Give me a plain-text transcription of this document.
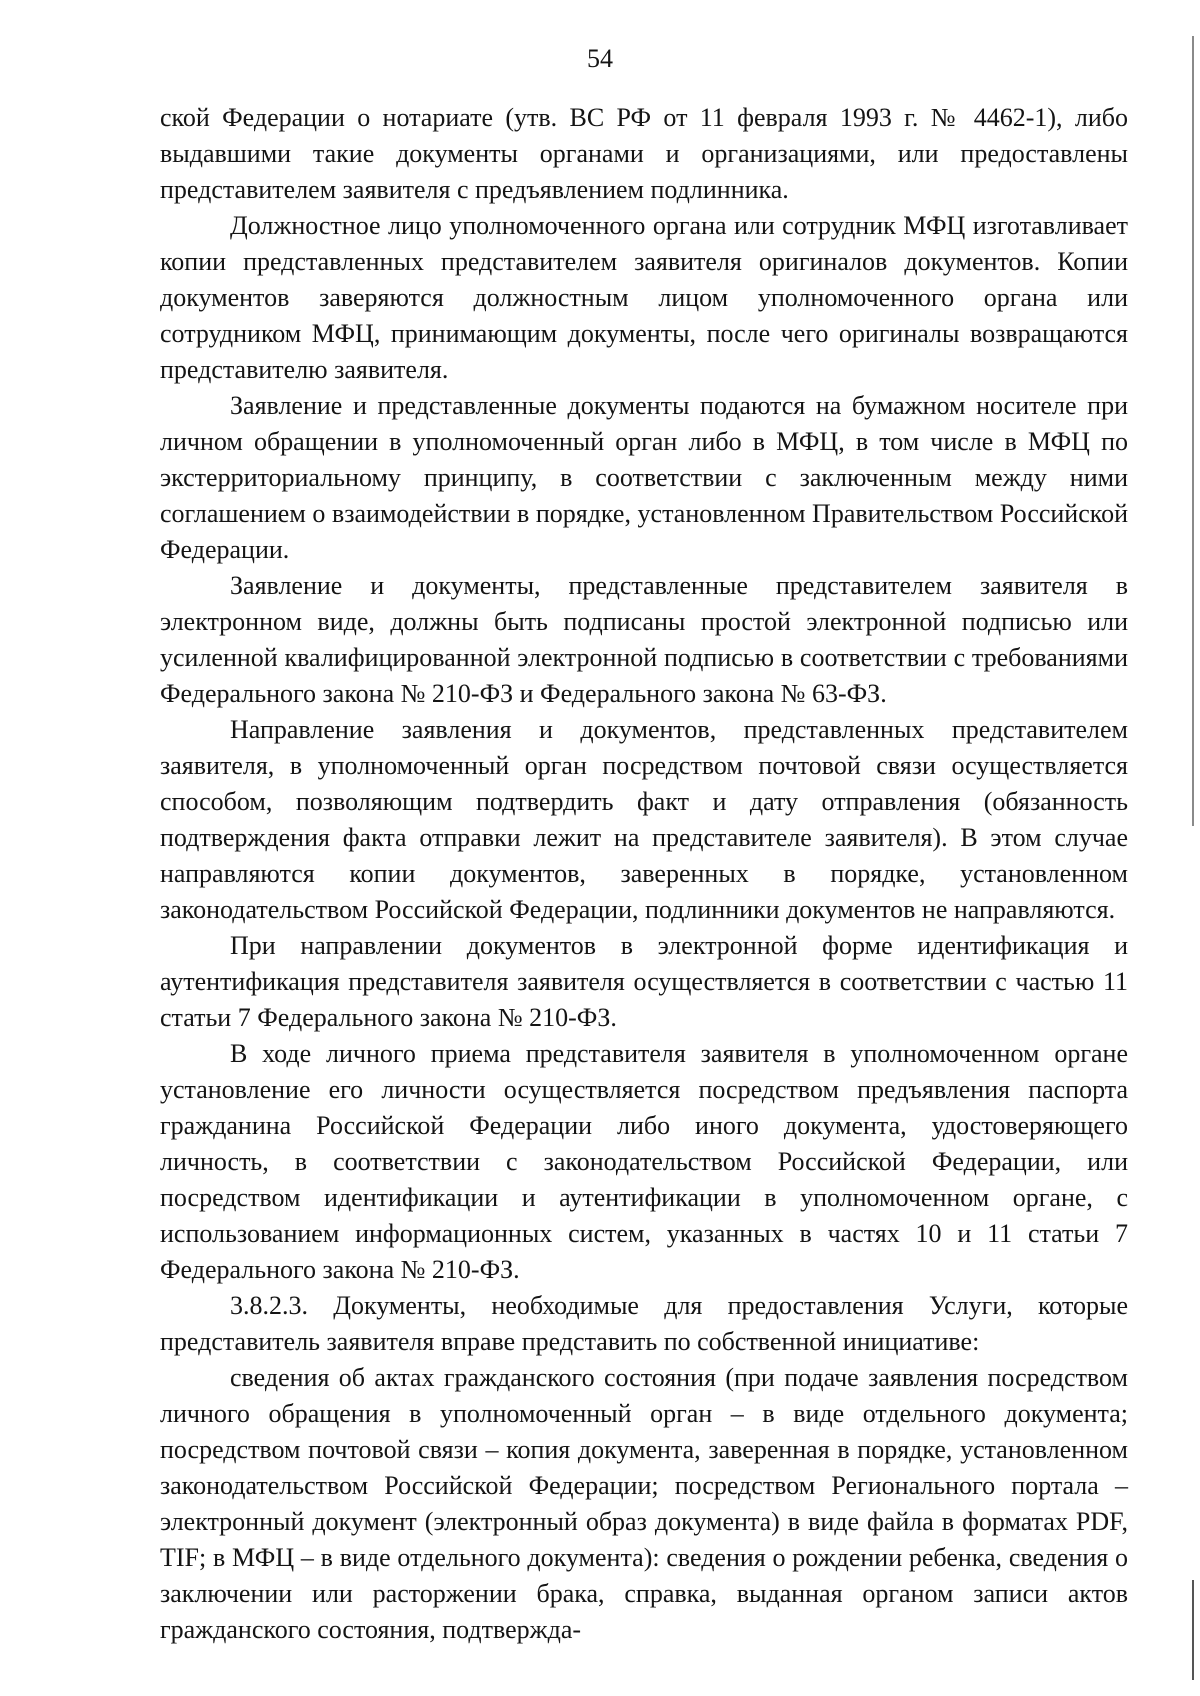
54

ской Федерации о нотариате (утв. ВС РФ от 11 февраля 1993 г. № 4462-1), либо выдавшими такие документы органами и организациями, или предоставлены представителем заявителя с предъявлением подлинника.

Должностное лицо уполномоченного органа или сотрудник МФЦ изготавливает копии представленных представителем заявителя оригиналов документов. Копии документов заверяются должностным лицом уполномоченного органа или сотрудником МФЦ, принимающим документы, после чего оригиналы возвращаются представителю заявителя.

Заявление и представленные документы подаются на бумажном носителе при личном обращении в уполномоченный орган либо в МФЦ, в том числе в МФЦ по экстерриториальному принципу, в соответствии с заключенным между ними соглашением о взаимодействии в порядке, установленном Правительством Российской Федерации.

Заявление и документы, представленные представителем заявителя в электронном виде, должны быть подписаны простой электронной подписью или усиленной квалифицированной электронной подписью в соответствии с требованиями Федерального закона № 210-ФЗ и Федерального закона № 63-ФЗ.

Направление заявления и документов, представленных представителем заявителя, в уполномоченный орган посредством почтовой связи осуществляется способом, позволяющим подтвердить факт и дату отправления (обязанность подтверждения факта отправки лежит на представителе заявителя). В этом случае направляются копии документов, заверенных в порядке, установленном законодательством Российской Федерации, подлинники документов не направляются.

При направлении документов в электронной форме идентификация и аутентификация представителя заявителя осуществляется в соответствии с частью 11 статьи 7 Федерального закона № 210-ФЗ.

В ходе личного приема представителя заявителя в уполномоченном органе установление его личности осуществляется посредством предъявления паспорта гражданина Российской Федерации либо иного документа, удостоверяющего личность, в соответствии с законодательством Российской Федерации, или посредством идентификации и аутентификации в уполномоченном органе, с использованием информационных систем, указанных в частях 10 и 11 статьи 7 Федерального закона № 210-ФЗ.

3.8.2.3. Документы, необходимые для предоставления Услуги, которые представитель заявителя вправе представить по собственной инициативе:

сведения об актах гражданского состояния (при подаче заявления посредством личного обращения в уполномоченный орган – в виде отдельного документа; посредством почтовой связи – копия документа, заверенная в порядке, установленном законодательством Российской Федерации; посредством Регионального портала – электронный документ (электронный образ документа) в виде файла в форматах PDF, TIF; в МФЦ – в виде отдельного документа): сведения о рождении ребенка, сведения о заключении или расторжении брака, справка, выданная органом записи актов гражданского состояния, подтвержда-
